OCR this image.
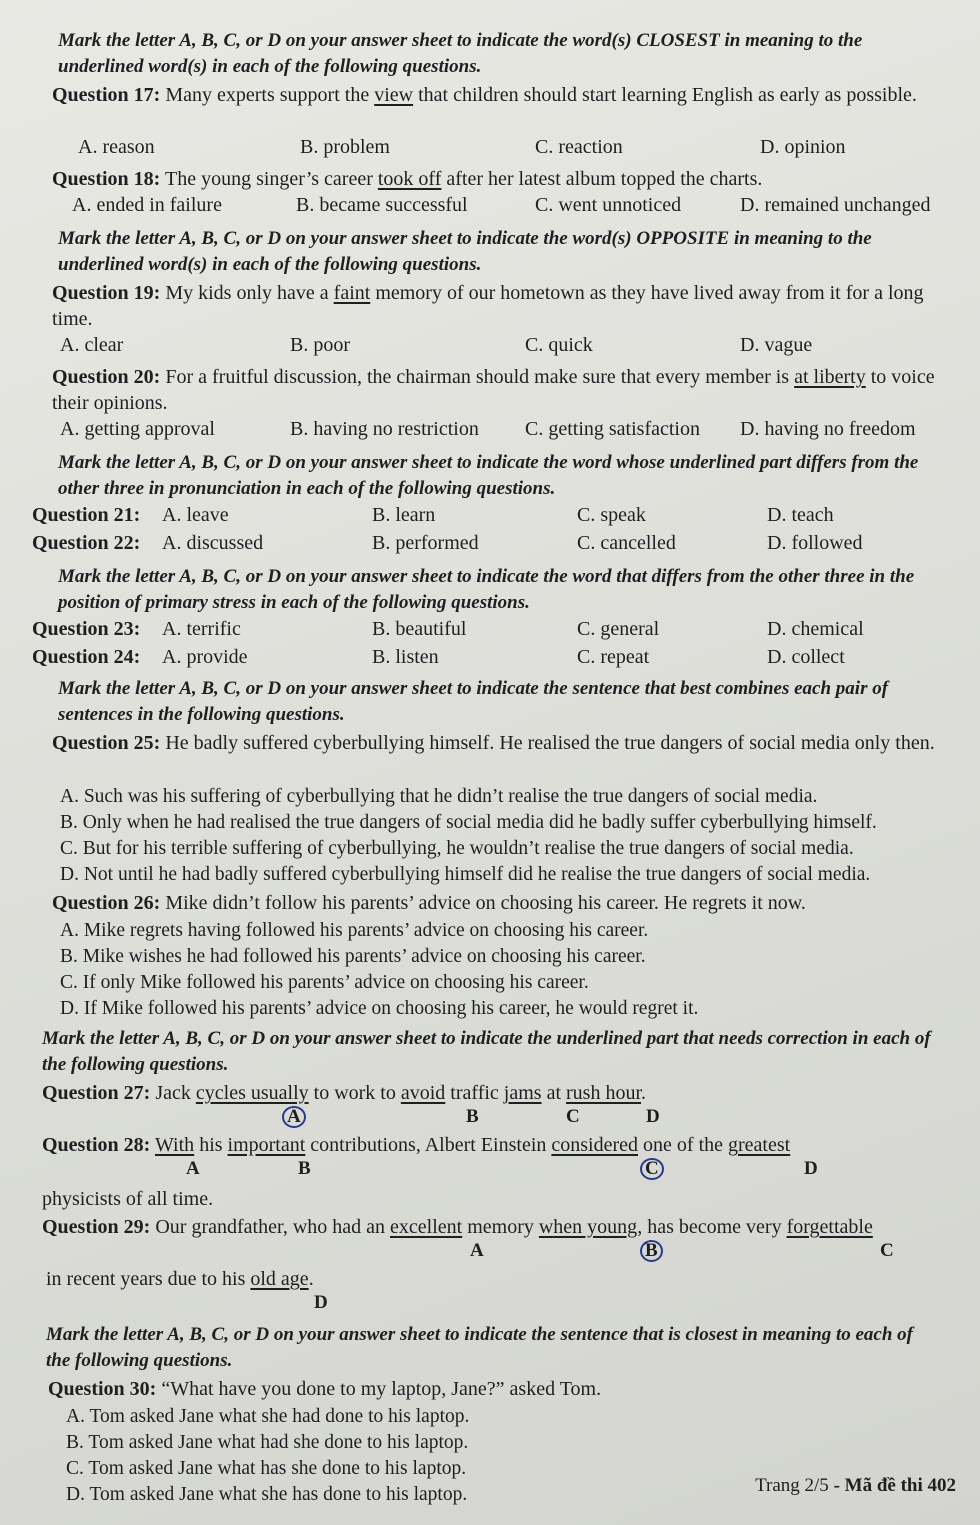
Mark the letter A, B, C, or D on your answer sheet to indicate the word(s) CLOSEST in meaning to the underlined word(s) in each of the following questions.

Question 17: Many experts support the view that children should start learning English as early as possible.

A. reason	B. problem	C. reaction	D. opinion

Question 18: The young singer’s career took off after her latest album topped the charts.

A. ended in failure	B. became successful	C. went unnoticed	D. remained unchanged

Mark the letter A, B, C, or D on your answer sheet to indicate the word(s) OPPOSITE in meaning to the underlined word(s) in each of the following questions.

Question 19: My kids only have a faint memory of our hometown as they have lived away from it for a long time.

A. clear	B. poor	C. quick	D. vague

Question 20: For a fruitful discussion, the chairman should make sure that every member is at liberty to voice their opinions.

A. getting approval	B. having no restriction C. getting satisfaction D. having no freedom

Mark the letter A, B, C, or D on your answer sheet to indicate the word whose underlined part differs from the other three in pronunciation in each of the following questions.

Question 21: A. leave	B. learn	C. speak	D. teach
Question 22: A. discussed	B. performed	C. cancelled	D. followed

Mark the letter A, B, C, or D on your answer sheet to indicate the word that differs from the other three in the position of primary stress in each of the following questions.

Question 23: A. terrific	B. beautiful	C. general	D. chemical
Question 24: A. provide	B. listen	C. repeat	D. collect

Mark the letter A, B, C, or D on your answer sheet to indicate the sentence that best combines each pair of sentences in the following questions.

Question 25: He badly suffered cyberbullying himself. He realised the true dangers of social media only then.

A. Such was his suffering of cyberbullying that he didn’t realise the true dangers of social media.
B. Only when he had realised the true dangers of social media did he badly suffer cyberbullying himself.
C. But for his terrible suffering of cyberbullying, he wouldn’t realise the true dangers of social media.
D. Not until he had badly suffered cyberbullying himself did he realise the true dangers of social media.

Question 26: Mike didn’t follow his parents’ advice on choosing his career. He regrets it now.

A. Mike regrets having followed his parents’ advice on choosing his career.
B. Mike wishes he had followed his parents’ advice on choosing his career.
C. If only Mike followed his parents’ advice on choosing his career.
D. If Mike followed his parents’ advice on choosing his career, he would regret it.

Mark the letter A, B, C, or D on your answer sheet to indicate the underlined part that needs correction in each of the following questions.

Question 27: Jack cycles usually to work to avoid traffic jams at rush hour.

A	B	C	D

Question 28: With his important contributions, Albert Einstein considered one of the greatest

A	B	C	D

physicists of all time.

Question 29: Our grandfather, who had an excellent memory when young, has become very forgettable

A	B	C

in recent years due to his old age.

D

Mark the letter A, B, C, or D on your answer sheet to indicate the sentence that is closest in meaning to each of the following questions.

Question 30: “What have you done to my laptop, Jane?” asked Tom.

A. Tom asked Jane what she had done to his laptop.
B. Tom asked Jane what had she done to his laptop.
C. Tom asked Jane what has she done to his laptop.
D. Tom asked Jane what she has done to his laptop.	Trang 2/5 - Mã đề thi 402
